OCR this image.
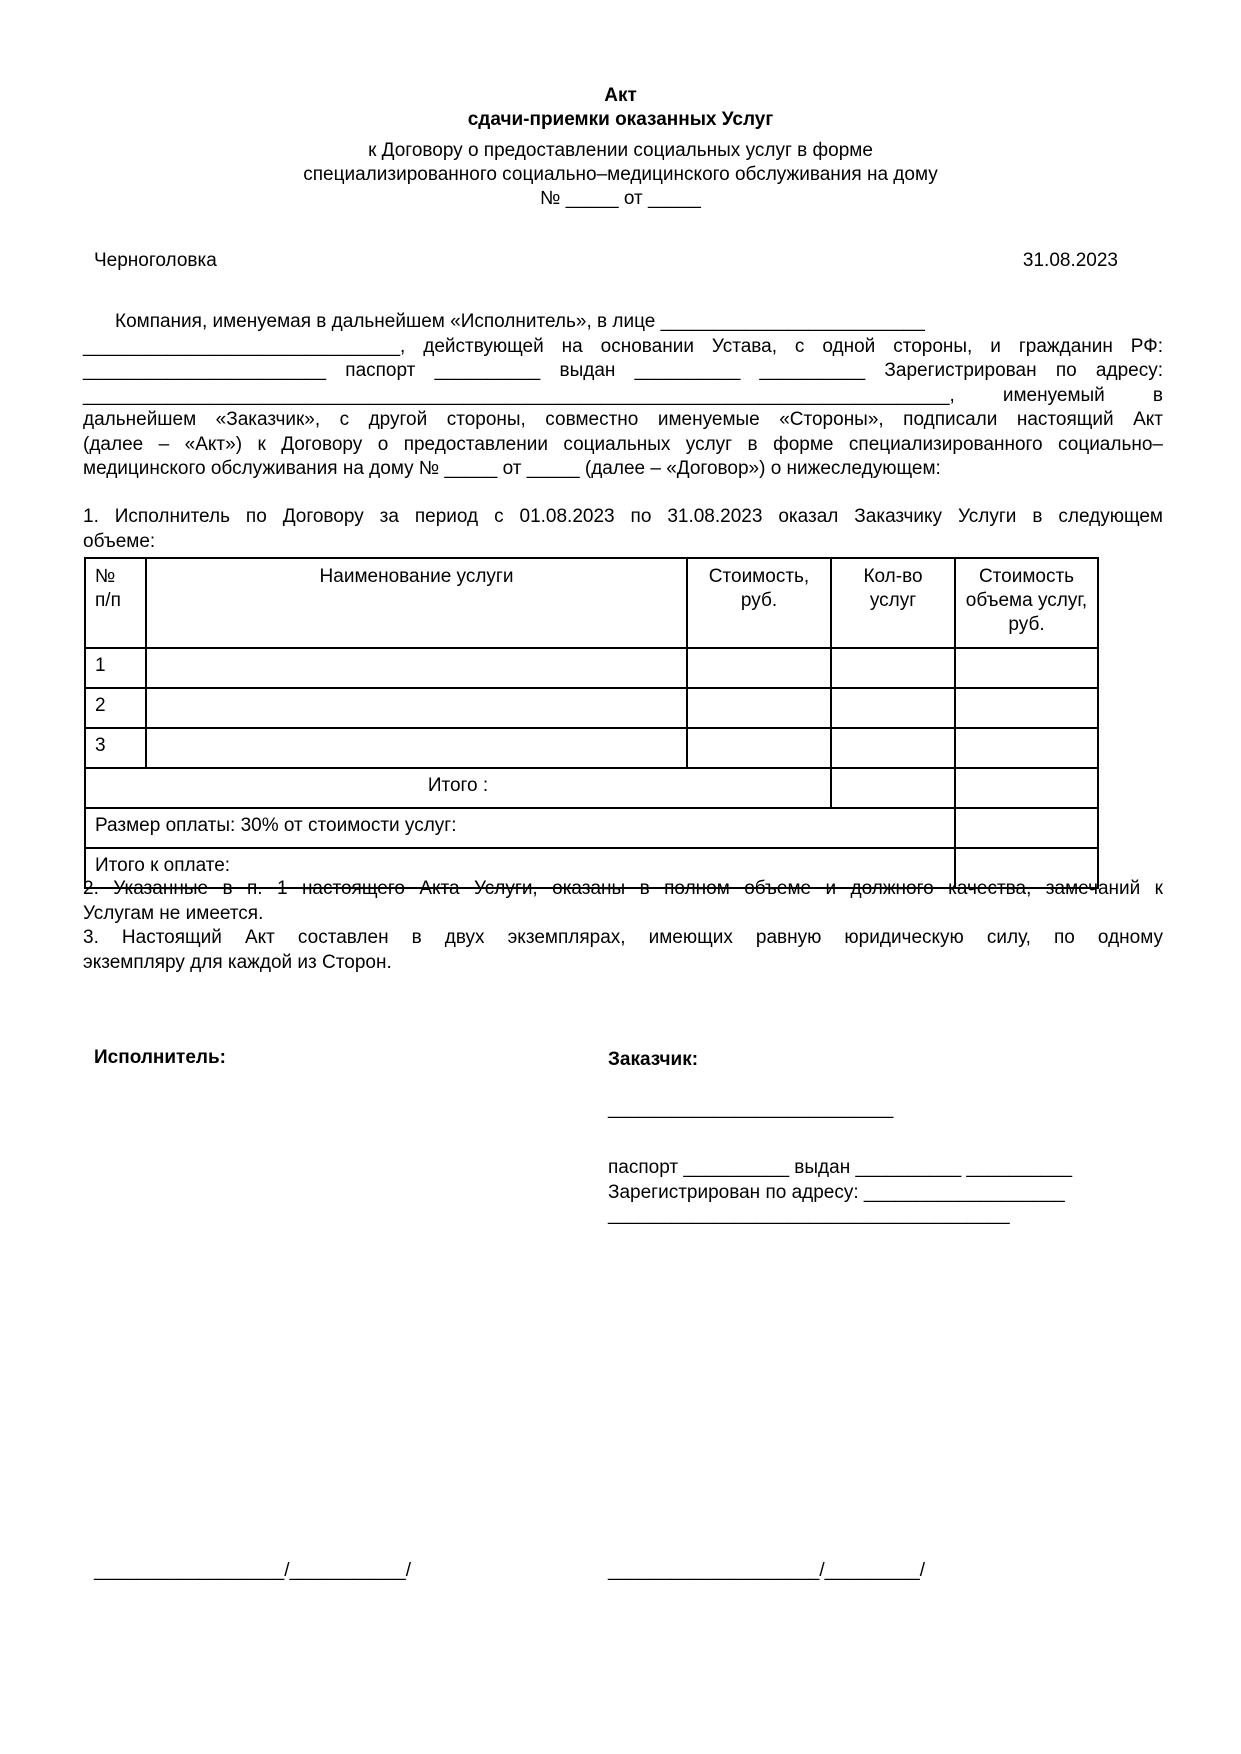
Акт
сдачи-приемки оказанных Услуг
к Договору о предоставлении социальных услуг в форме
специализированного социально–медицинского обслуживания на дому
№ _____ от _____
Черноголовка	31.08.2023
Компания, именуемая в дальнейшем «Исполнитель», в лице _________________________
______________________________, действующей на основании Устава, с одной стороны, и гражданин РФ:
_______________________ паспорт __________ выдан __________ __________ Зарегистрирован по адресу:
__________________________________________________________________________________, именуемый в
дальнейшем «Заказчик», с другой стороны, совместно именуемые «Стороны», подписали настоящий Акт
(далее – «Акт») к Договору о предоставлении социальных услуг в форме специализированного социально–
медицинского обслуживания на дому № _____ от _____ (далее – «Договор») о нижеследующем:
1. Исполнитель по Договору за период с 01.08.2023 по 31.08.2023 оказал Заказчику Услуги в следующем
объеме:
№ п/п	Наименование услуги	Стоимость, руб.	Кол-во услуг	Стоимость объема услуг, руб.
1				
2				
3				
Итого :				
Размер оплаты: 30% от стоимости услуг:				
Итого к оплате:				
2. Указанные в п. 1 настоящего Акта Услуги, оказаны в полном объеме и должного качества, замечаний к
Услугам не имеется.
3. Настоящий Акт составлен в двух экземплярах, имеющих равную юридическую силу, по одному
экземпляру для каждой из Сторон.
Исполнитель:	Заказчик:
___________________________
паспорт __________ выдан __________ __________
Зарегистрирован по адресу: ___________________
______________________________________
__________________/___________/	____________________/_________/
